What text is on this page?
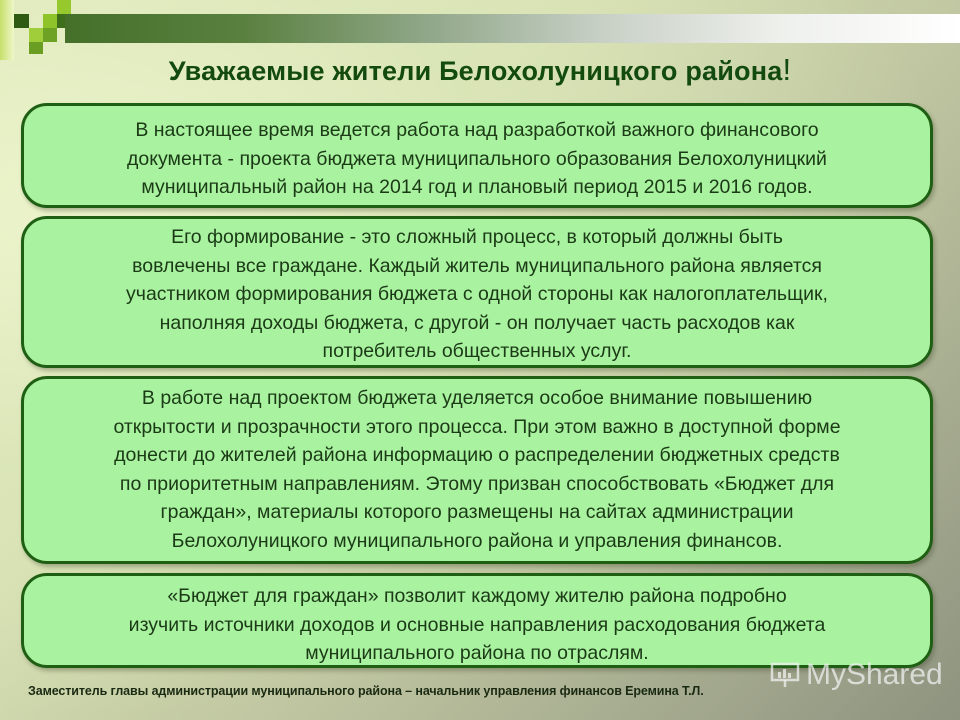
Уважаемые жители Белохолуницкого района!
В настоящее время ведется работа над разработкой важного финансового
документа - проекта бюджета муниципального образования Белохолуницкий
муниципальный район на 2014 год и плановый период 2015 и 2016 годов.
Его формирование - это сложный процесс, в который должны быть
вовлечены все граждане. Каждый житель муниципального района является
участником формирования бюджета с одной стороны как налогоплательщик,
наполняя доходы бюджета, с другой - он получает часть расходов как
потребитель общественных услуг.
В работе над проектом бюджета уделяется особое внимание повышению
открытости и прозрачности этого процесса. При этом важно в доступной форме
донести до жителей района информацию о распределении бюджетных средств
по приоритетным направлениям. Этому призван способствовать «Бюджет для
граждан», материалы которого размещены на сайтах администрации
Белохолуницкого муниципального района и управления финансов.
«Бюджет для граждан» позволит каждому жителю района подробно
изучить источники доходов и основные направления расходования бюджета
муниципального района по отраслям.
MyShared
Заместитель главы администрации муниципального района – начальник управления финансов Еремина Т.Л.
